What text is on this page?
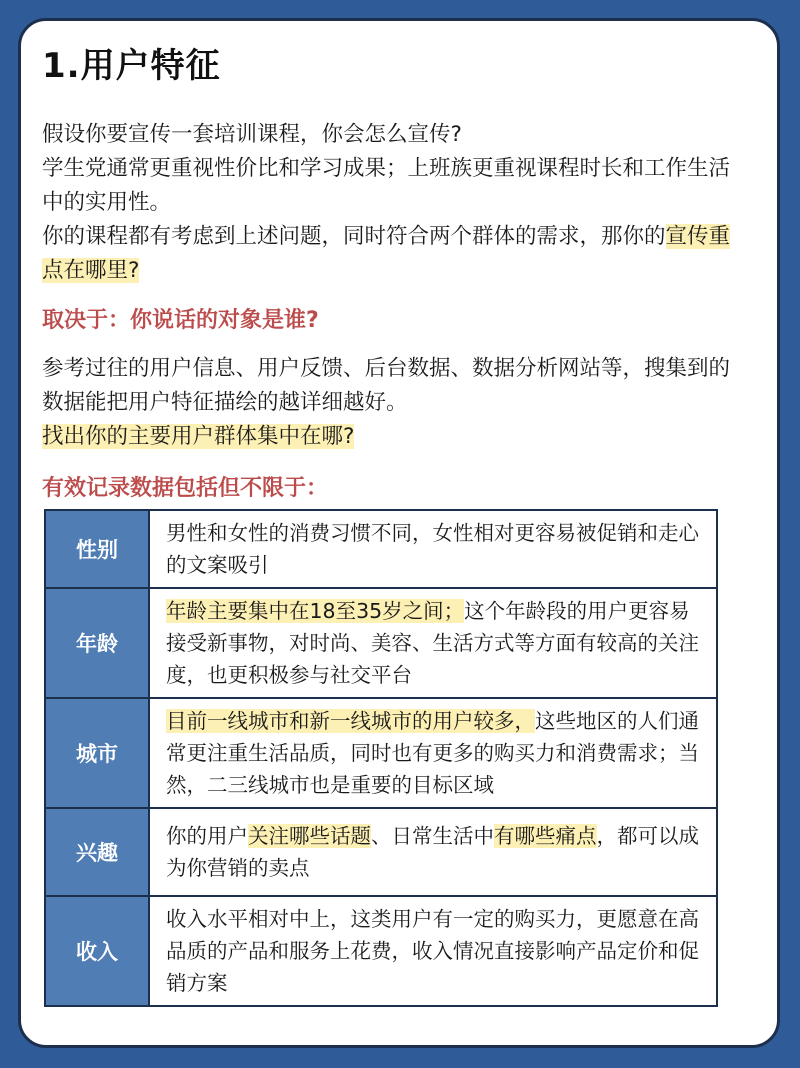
1.用户特征
假设你要宣传一套培训课程，你会怎么宣传?
学生党通常更重视性价比和学习成果；上班族更重视课程时长和工作生活中的实用性。
你的课程都有考虑到上述问题，同时符合两个群体的需求，那你的宣传重点在哪里?
取决于：你说话的对象是谁?
参考过往的用户信息、用户反馈、后台数据、数据分析网站等，搜集到的数据能把用户特征描绘的越详细越好。
找出你的主要用户群体集中在哪?
有效记录数据包括但不限于：
性别	男性和女性的消费习惯不同，女性相对更容易被促销和走心的文案吸引
年龄	年龄主要集中在18至35岁之间；这个年龄段的用户更容易接受新事物，对时尚、美容、生活方式等方面有较高的关注度，也更积极参与社交平台
城市	目前一线城市和新一线城市的用户较多，这些地区的人们通常更注重生活品质，同时也有更多的购买力和消费需求；当然，二三线城市也是重要的目标区域
兴趣	你的用户关注哪些话题、日常生活中有哪些痛点，都可以成为你营销的卖点
收入	收入水平相对中上，这类用户有一定的购买力，更愿意在高品质的产品和服务上花费，收入情况直接影响产品定价和促销方案
